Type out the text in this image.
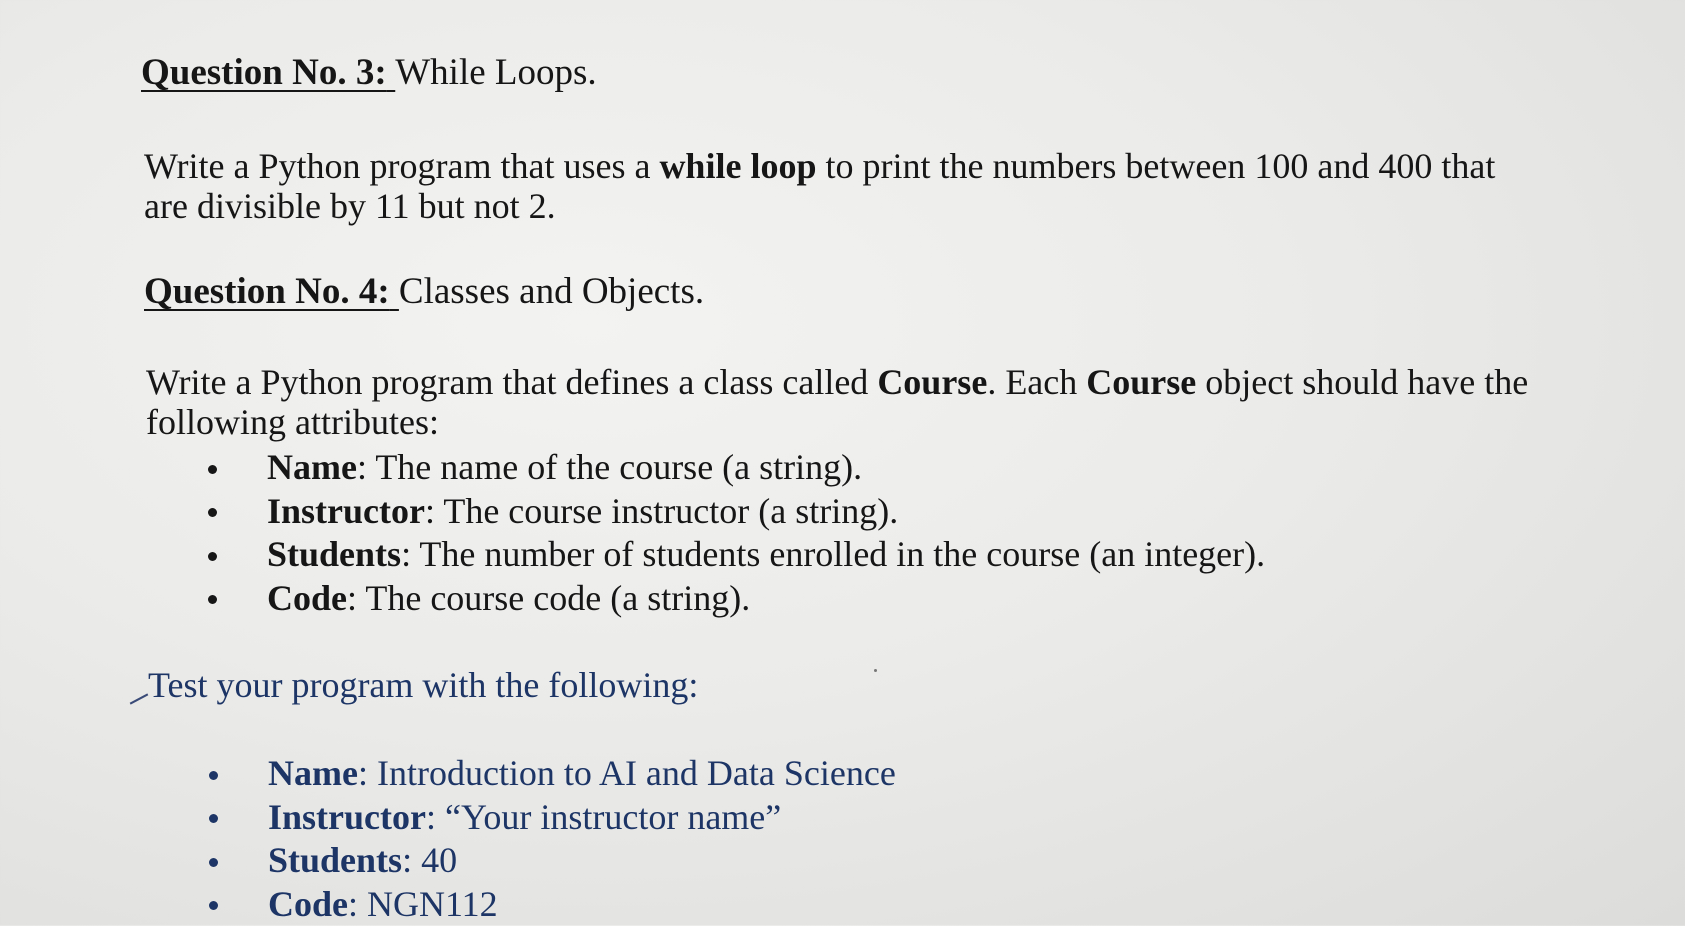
Question No. 3: While Loops.
Write a Python program that uses a while loop to print the numbers between 100 and 400 that
are divisible by 11 but not 2.
Question No. 4: Classes and Objects.
Write a Python program that defines a class called Course. Each Course object should have the
following attributes:
Name: The name of the course (a string).
Instructor: The course instructor (a string).
Students: The number of students enrolled in the course (an integer).
Code: The course code (a string).
Test your program with the following:
Name: Introduction to AI and Data Science
Instructor: “Your instructor name”
Students: 40
Code: NGN112
